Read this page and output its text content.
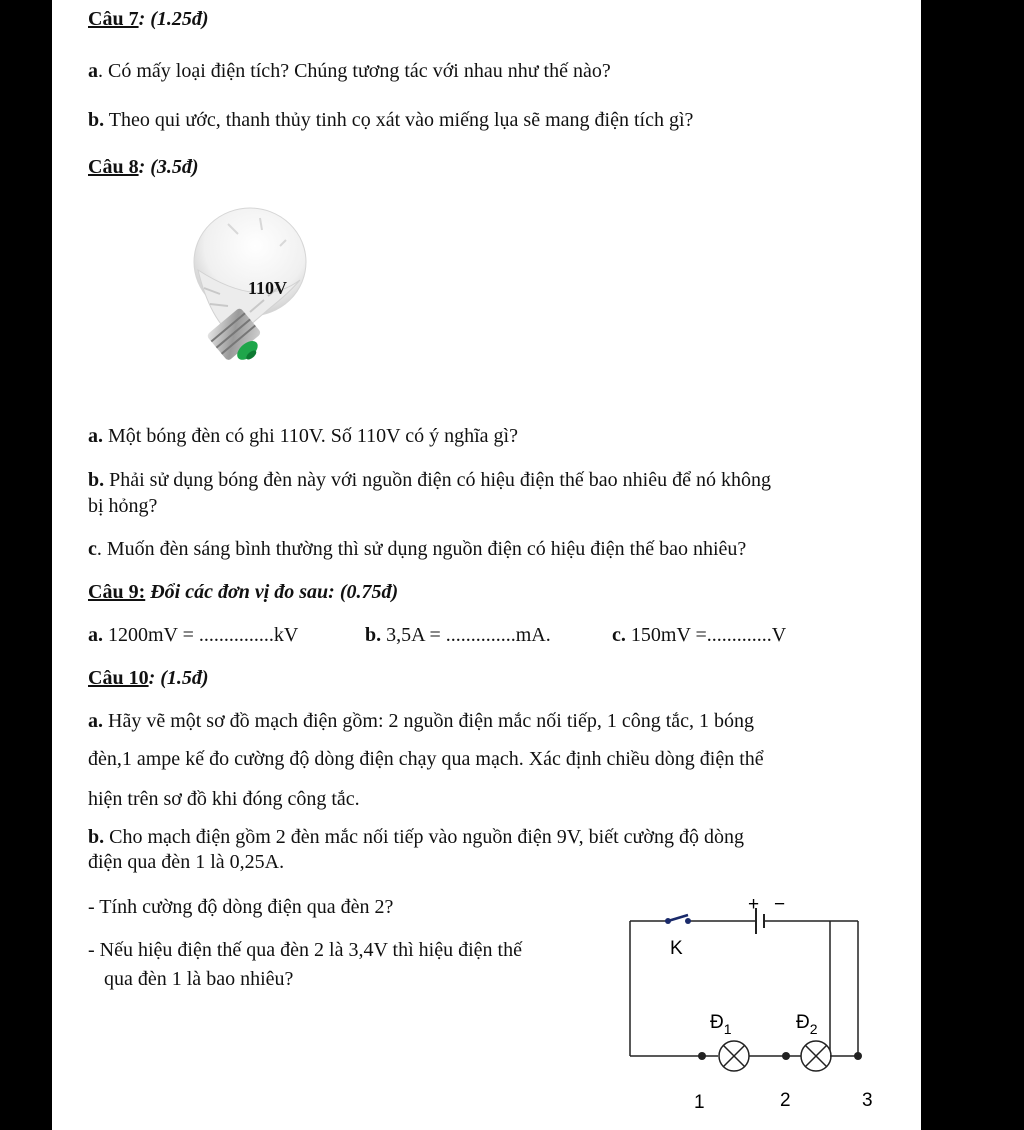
Câu 7: (1.25đ)
a. Có mấy loại điện tích? Chúng tương tác với nhau như thế nào?
b. Theo qui ước, thanh thủy tinh cọ xát vào miếng lụa sẽ mang điện tích gì?
Câu 8: (3.5đ)
110V
a. Một bóng đèn có ghi 110V. Số 110V có ý nghĩa gì?
b. Phải sử dụng bóng đèn này với nguồn điện có hiệu điện thế bao nhiêu để nó không
bị hỏng?
c. Muốn đèn sáng bình thường thì sử dụng nguồn điện có hiệu điện thế bao nhiêu?
Câu 9: Đổi các đơn vị đo sau: (0.75đ)
a. 1200mV = ...............kV	b. 3,5A = ..............mA.	c. 150mV =.............V
Câu 10: (1.5đ)
a. Hãy vẽ một sơ đồ mạch điện gồm: 2 nguồn điện mắc nối tiếp, 1 công tắc, 1 bóng
đèn,1 ampe kế đo cường độ dòng điện chạy qua mạch. Xác định chiều dòng điện thể
hiện trên sơ đồ khi đóng công tắc.
b. Cho mạch điện gồm 2 đèn mắc nối tiếp vào nguồn điện 9V, biết cường độ dòng
điện qua đèn 1 là 0,25A.
- Tính cường độ dòng điện qua đèn 2?
- Nếu hiệu điện thế qua đèn 2 là 3,4V thì hiệu điện thế
qua đèn 1 là bao nhiêu?
+ −
K
$Đ_1$	$Đ_2$
1	2	3
